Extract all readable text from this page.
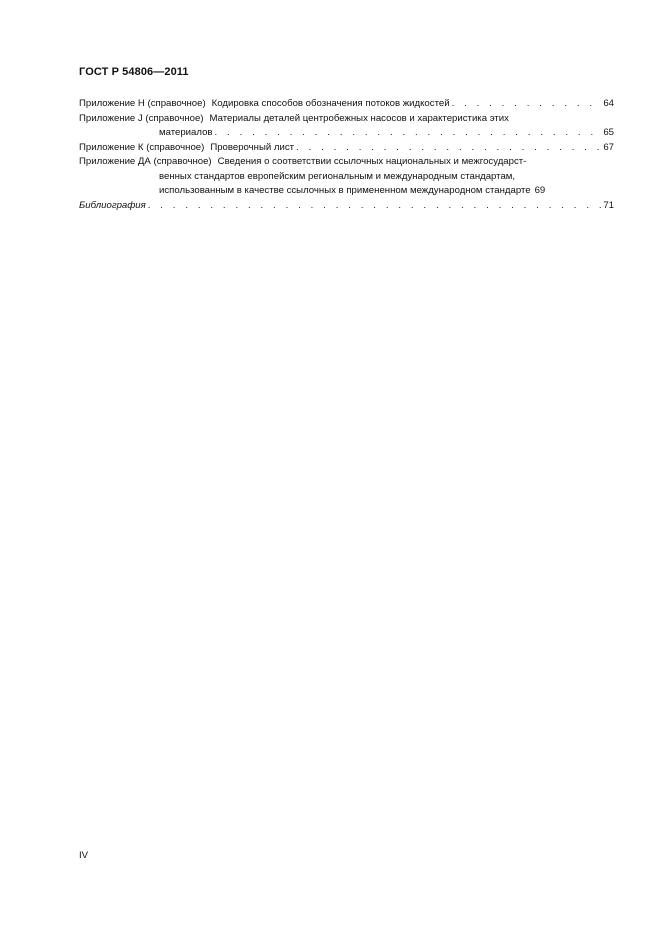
ГОСТ Р 54806—2011
Приложение Н (справочное) Кодировка способов обозначения потоков жидкостей . . .	64
Приложение J (справочное) Материалы деталей центробежных насосов и характеристика этих
материалов . . .	65
Приложение К (справочное) Проверочный лист . . .	67
Приложение ДА (справочное) Сведения о соответствии ссылочных национальных и межгосударст-
венных стандартов европейским региональным и международным стандартам,
использованным в качестве ссылочных в примененном международном стандарте 69
Библиография . . .	71
IV
